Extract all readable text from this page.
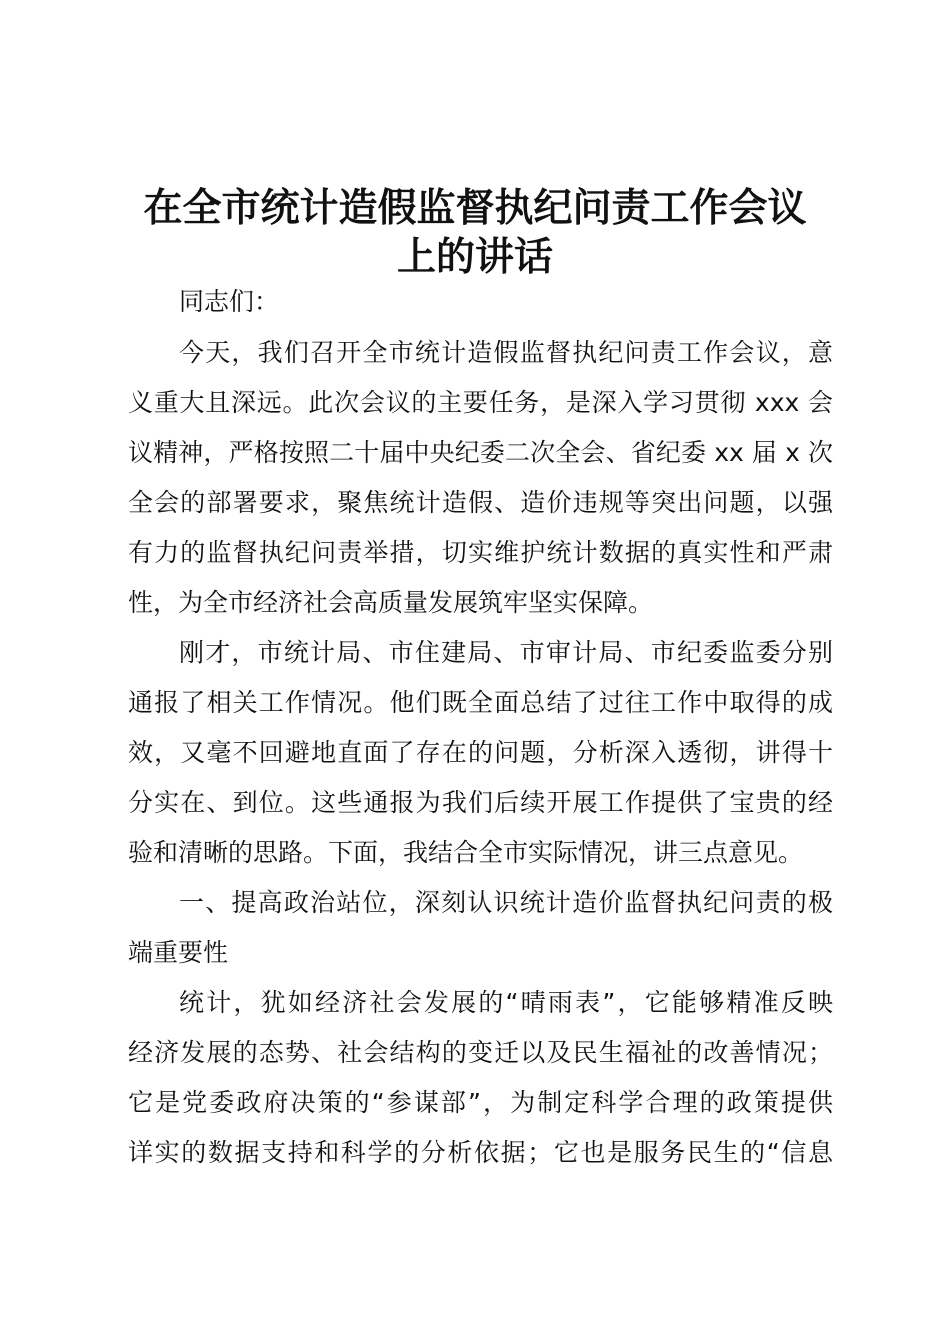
在全市统计造假监督执纪问责工作会议
上的讲话
同志们：
今天，我们召开全市统计造假监督执纪问责工作会议，意
义重大且深远。此次会议的主要任务，是深入学习贯彻 xxx 会
议精神，严格按照二十届中央纪委二次全会、省纪委 xx 届 x 次
全会的部署要求，聚焦统计造假、造价违规等突出问题，以强
有力的监督执纪问责举措，切实维护统计数据的真实性和严肃
性，为全市经济社会高质量发展筑牢坚实保障。
刚才，市统计局、市住建局、市审计局、市纪委监委分别
通报了相关工作情况。他们既全面总结了过往工作中取得的成
效，又毫不回避地直面了存在的问题，分析深入透彻，讲得十
分实在、到位。这些通报为我们后续开展工作提供了宝贵的经
验和清晰的思路。下面，我结合全市实际情况，讲三点意见。
一、提高政治站位，深刻认识统计造价监督执纪问责的极
端重要性
统计，犹如经济社会发展的“晴雨表”，它能够精准反映
经济发展的态势、社会结构的变迁以及民生福祉的改善情况；
它是党委政府决策的“参谋部”，为制定科学合理的政策提供
详实的数据支持和科学的分析依据；它也是服务民生的“信息
